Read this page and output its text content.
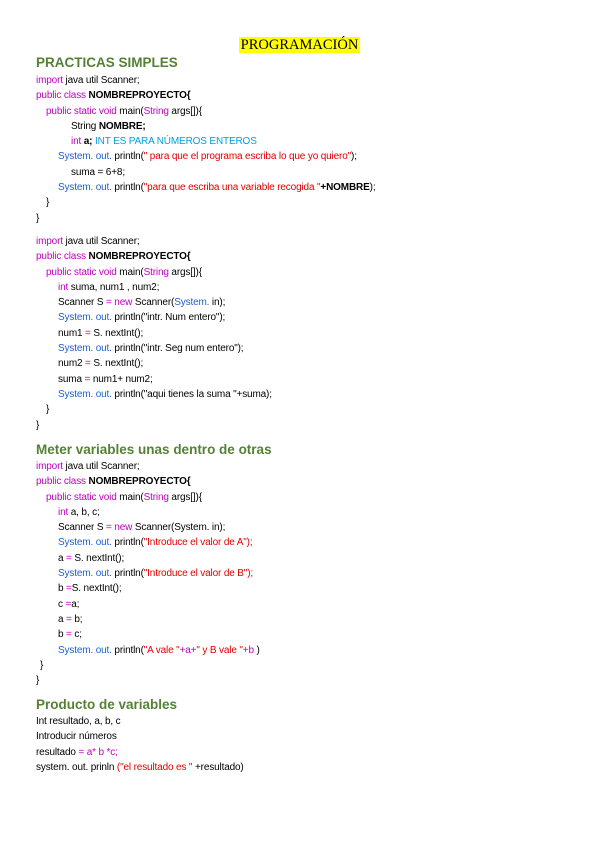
PROGRAMACIÓN
PRACTICAS SIMPLES
import java util Scanner;
public class NOMBREPROYECTO{
public static void main(String args[]){
String NOMBRE;
int a; INT ES PARA NÚMEROS ENTEROS
System. out. println(" para que el programa escriba lo que yo quiero");
suma = 6+8;
System. out. println("para que escriba una variable recogida "+NOMBRE);
}
}
import java util Scanner;
public class NOMBREPROYECTO{
public static void main(String args[]){
int suma, num1 , num2;
Scanner S = new Scanner(System. in);
System. out. println("intr. Num entero");
num1 = S. nextInt();
System. out. println("intr. Seg num entero");
num2 = S. nextInt();
suma = num1+ num2;
System. out. println("aqui tienes la suma "+suma);
}
}
Meter variables unas dentro de otras
import java util Scanner;
public class NOMBREPROYECTO{
public static void main(String args[]){
int a, b, c;
Scanner S = new Scanner(System. in);
System. out. println("Introduce el valor de A");
a = S. nextInt();
System. out. println("Introduce el valor de B");
b =S. nextInt();
c =a;
a = b;
b = c;
System. out. println("A vale "+a+" y B vale "+b )
}
}
Producto de variables
Int resultado, a, b, c
Introducir números
resultado = a* b *c;
system. out. prinln ("el resultado es " +resultado)
